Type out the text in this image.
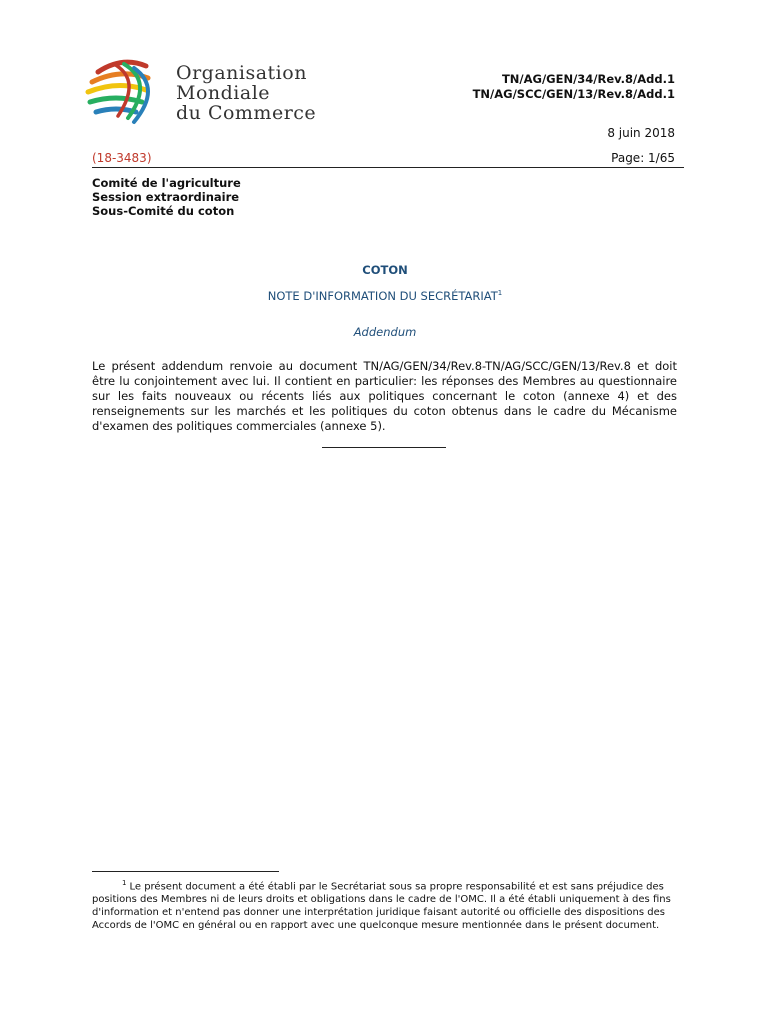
Organisation
Mondiale
du Commerce
TN/AG/GEN/34/Rev.8/Add.1
TN/AG/SCC/GEN/13/Rev.8/Add.1
8 juin 2018
(18-3483)	Page: 1/65
Comité de l'agriculture
Session extraordinaire
Sous-Comité du coton
COTON
NOTE D'INFORMATION DU SECRÉTARIAT$^1$
Addendum
Le présent addendum renvoie au document TN/AG/GEN/34/Rev.8-TN/AG/SCC/GEN/13/Rev.8 et doit être lu conjointement avec lui. Il contient en particulier: les réponses des Membres au questionnaire sur les faits nouveaux ou récents liés aux politiques concernant le coton (annexe 4) et des renseignements sur les marchés et les politiques du coton obtenus dans le cadre du Mécanisme d'examen des politiques commerciales (annexe 5).
$^1$ Le présent document a été établi par le Secrétariat sous sa propre responsabilité et est sans préjudice des positions des Membres ni de leurs droits et obligations dans le cadre de l'OMC. Il a été établi uniquement à des fins d'information et n'entend pas donner une interprétation juridique faisant autorité ou officielle des dispositions des Accords de l'OMC en général ou en rapport avec une quelconque mesure mentionnée dans le présent document.
